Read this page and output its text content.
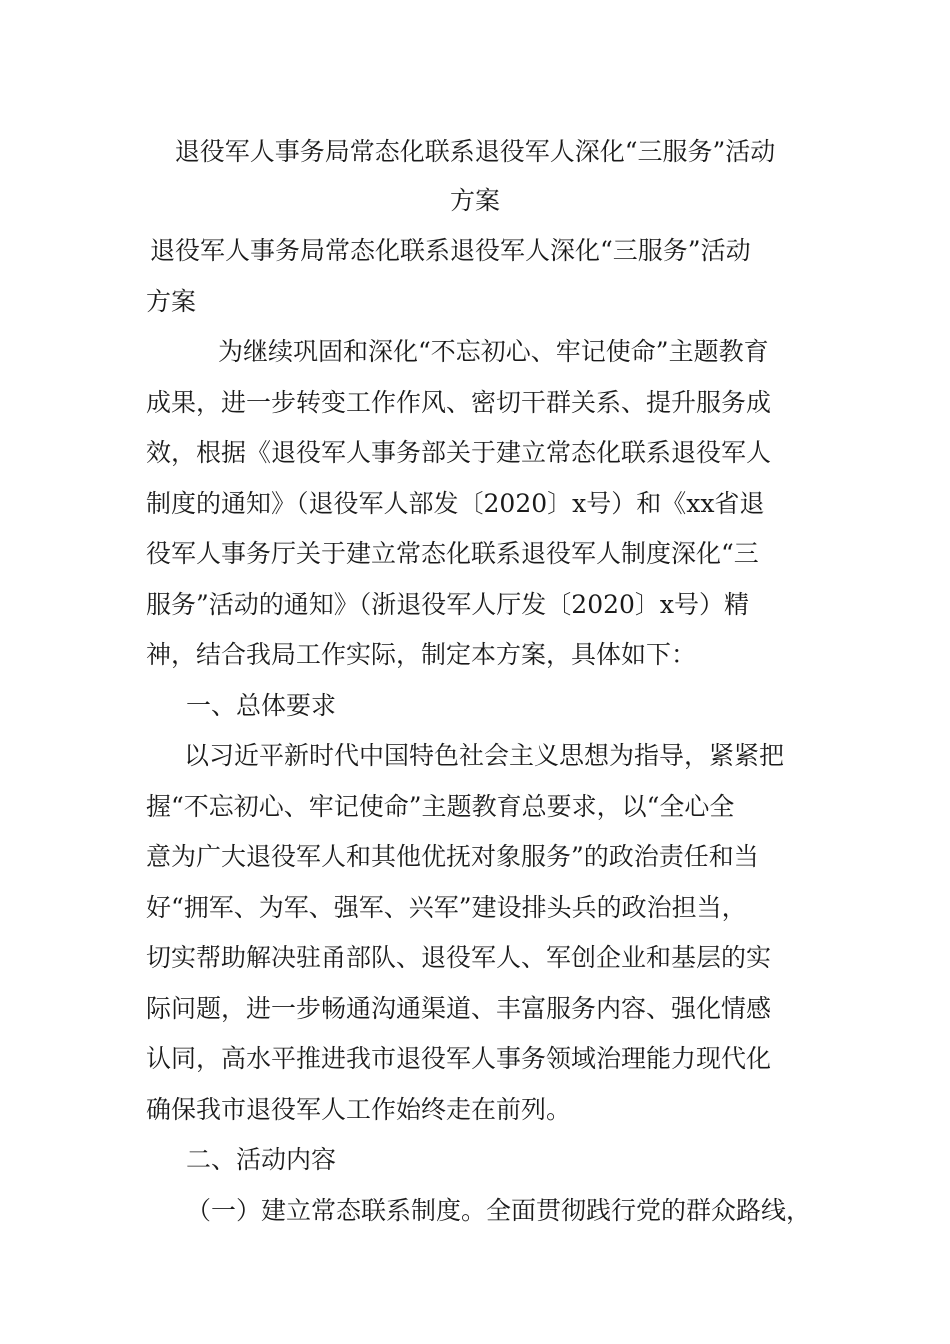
退役军人事务局常态化联系退役军人深化“三服务”活动
方案
退役军人事务局常态化联系退役军人深化“三服务”活动
方案
为继续巩固和深化“不忘初心、牢记使命”主题教育
成果，进一步转变工作作风、密切干群关系、提升服务成
效，根据《退役军人事务部关于建立常态化联系退役军人
制度的通知》（退役军人部发〔2020〕x号）和《xx省退
役军人事务厅关于建立常态化联系退役军人制度深化“三
服务”活动的通知》（浙退役军人厅发〔2020〕x号）精
神，结合我局工作实际，制定本方案，具体如下：
一、总体要求
以习近平新时代中国特色社会主义思想为指导，紧紧把
握“不忘初心、牢记使命”主题教育总要求，以“全心全
意为广大退役军人和其他优抚对象服务”的政治责任和当
好“拥军、为军、强军、兴军”建设排头兵的政治担当，
切实帮助解决驻甬部队、退役军人、军创企业和基层的实
际问题，进一步畅通沟通渠道、丰富服务内容、强化情感
认同，高水平推进我市退役军人事务领域治理能力现代化
确保我市退役军人工作始终走在前列。
二、活动内容
（一）建立常态联系制度。全面贯彻践行党的群众路线，
